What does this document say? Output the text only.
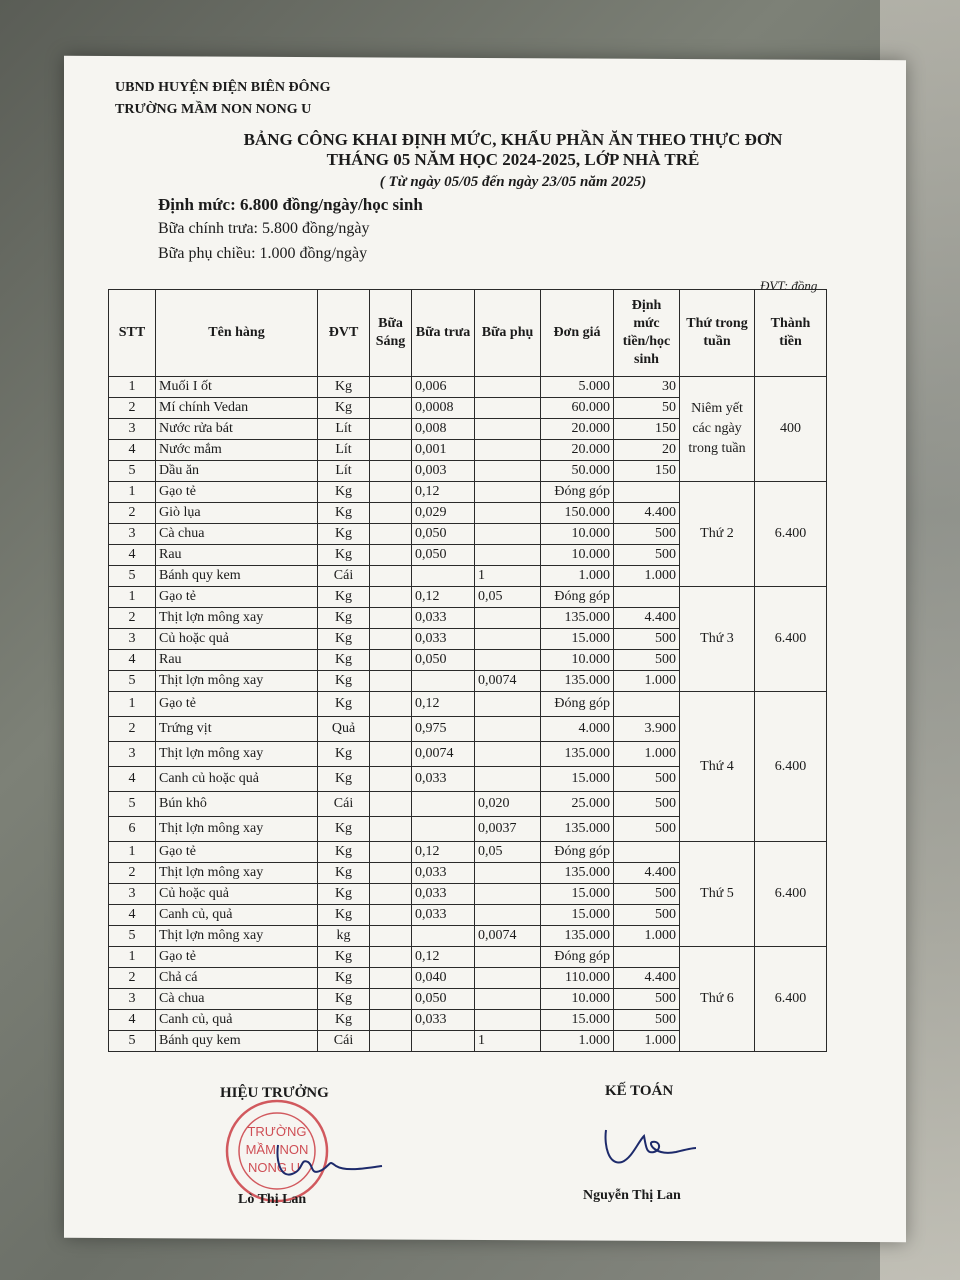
UBND HUYỆN ĐIỆN BIÊN ĐÔNG
TRƯỜNG MẦM NON NONG U
BẢNG CÔNG KHAI ĐỊNH MỨC, KHẨU PHẦN ĂN THEO THỰC ĐƠN
THÁNG 05 NĂM HỌC 2024-2025, LỚP NHÀ TRẺ
( Từ ngày 05/05 đến ngày 23/05 năm 2025)
Định mức: 6.800 đồng/ngày/học sinh
Bữa chính trưa: 5.800 đồng/ngày
Bữa phụ chiều: 1.000 đồng/ngày
ĐVT: đồng
STT	Tên hàng	ĐVT	Bữa Sáng	Bữa trưa	Bữa phụ	Đơn giá	Định mức tiền/học sinh	Thứ trong tuần	Thành tiền
1	Muối I ốt	Kg		0,006		5.000	30	Niêm yết các ngày trong tuần	400
2	Mí chính Vedan	Kg		0,0008		60.000	50		
3	Nước rửa bát	Lít		0,008		20.000	150		
4	Nước mắm	Lít		0,001		20.000	20		
5	Dầu ăn	Lít		0,003		50.000	150		
1	Gạo tẻ	Kg		0,12		Đóng góp		Thứ 2	6.400
2	Giò lụa	Kg		0,029		150.000	4.400		
3	Cà chua	Kg		0,050		10.000	500		
4	Rau	Kg		0,050		10.000	500		
5	Bánh quy kem	Cái			1	1.000	1.000		
1	Gạo tẻ	Kg		0,12	0,05	Đóng góp		Thứ 3	6.400
2	Thịt lợn mông xay	Kg		0,033		135.000	4.400		
3	Củ hoặc quả	Kg		0,033		15.000	500		
4	Rau	Kg		0,050		10.000	500		
5	Thịt lợn mông xay	Kg			0,0074	135.000	1.000		
1	Gạo tẻ	Kg		0,12		Đóng góp		Thứ 4	6.400
2	Trứng vịt	Quả		0,975		4.000	3.900		
3	Thịt lợn mông xay	Kg		0,0074		135.000	1.000		
4	Canh củ hoặc quả	Kg		0,033		15.000	500		
5	Bún khô	Cái			0,020	25.000	500		
6	Thịt lợn mông xay	Kg			0,0037	135.000	500		
1	Gạo tẻ	Kg		0,12	0,05	Đóng góp		Thứ 5	6.400
2	Thịt lợn mông xay	Kg		0,033		135.000	4.400		
3	Củ hoặc quả	Kg		0,033		15.000	500		
4	Canh củ, quả	Kg		0,033		15.000	500		
5	Thịt lợn mông xay	kg			0,0074	135.000	1.000		
1	Gạo tẻ	Kg		0,12		Đóng góp		Thứ 6	6.400
2	Chả cá	Kg		0,040		110.000	4.400		
3	Cà chua	Kg		0,050		10.000	500		
4	Canh củ, quả	Kg		0,033		15.000	500		
5	Bánh quy kem	Cái			1	1.000	1.000		
HIỆU TRƯỞNG	KẾ TOÁN
TRƯỜNG
MẦM NON
NONG U
Lò Thị Lan	Nguyễn Thị Lan
